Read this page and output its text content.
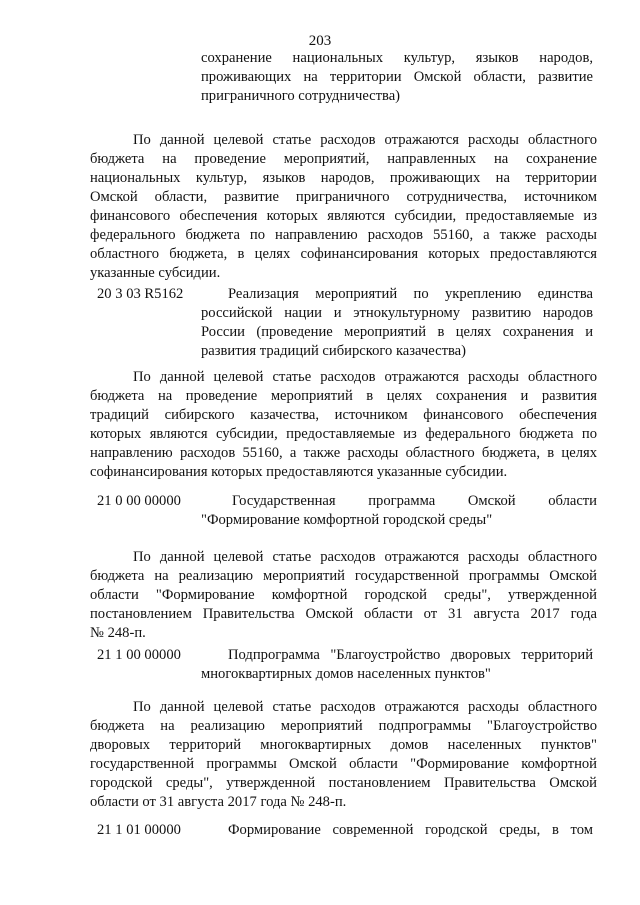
203
сохранение национальных культур, языков народов,
проживающих на территории Омской области, развитие
приграничного сотрудничества)
По данной целевой статье расходов отражаются расходы областного
бюджета на проведение мероприятий, направленных на сохранение
национальных культур, языков народов, проживающих на территории
Омской области, развитие приграничного сотрудничества, источником
финансового обеспечения которых являются субсидии, предоставляемые из
федерального бюджета по направлению расходов 55160, а также расходы
областного бюджета, в целях софинансирования которых предоставляются
указанные субсидии.
20 3 03 R5162	Реализация мероприятий по укреплению единства
российской нации и этнокультурному развитию народов
России (проведение мероприятий в целях сохранения и
развития традиций сибирского казачества)
По данной целевой статье расходов отражаются расходы областного
бюджета на проведение мероприятий в целях сохранения и развития
традиций сибирского казачества, источником финансового обеспечения
которых являются субсидии, предоставляемые из федерального бюджета по
направлению расходов 55160, а также расходы областного бюджета, в целях
софинансирования которых предоставляются указанные субсидии.
21 0 00 00000	Государственная программа Омской области
"Формирование комфортной городской среды"
По данной целевой статье расходов отражаются расходы областного
бюджета на реализацию мероприятий государственной программы Омской
области "Формирование комфортной городской среды", утвержденной
постановлением Правительства Омской области от 31 августа 2017 года
№ 248-п.
21 1 00 00000	Подпрограмма "Благоустройство дворовых территорий
многоквартирных домов населенных пунктов"
По данной целевой статье расходов отражаются расходы областного
бюджета на реализацию мероприятий подпрограммы "Благоустройство
дворовых территорий многоквартирных домов населенных пунктов"
государственной программы Омской области "Формирование комфортной
городской среды", утвержденной постановлением Правительства Омской
области от 31 августа 2017 года № 248-п.
21 1 01 00000	Формирование современной городской среды, в том
